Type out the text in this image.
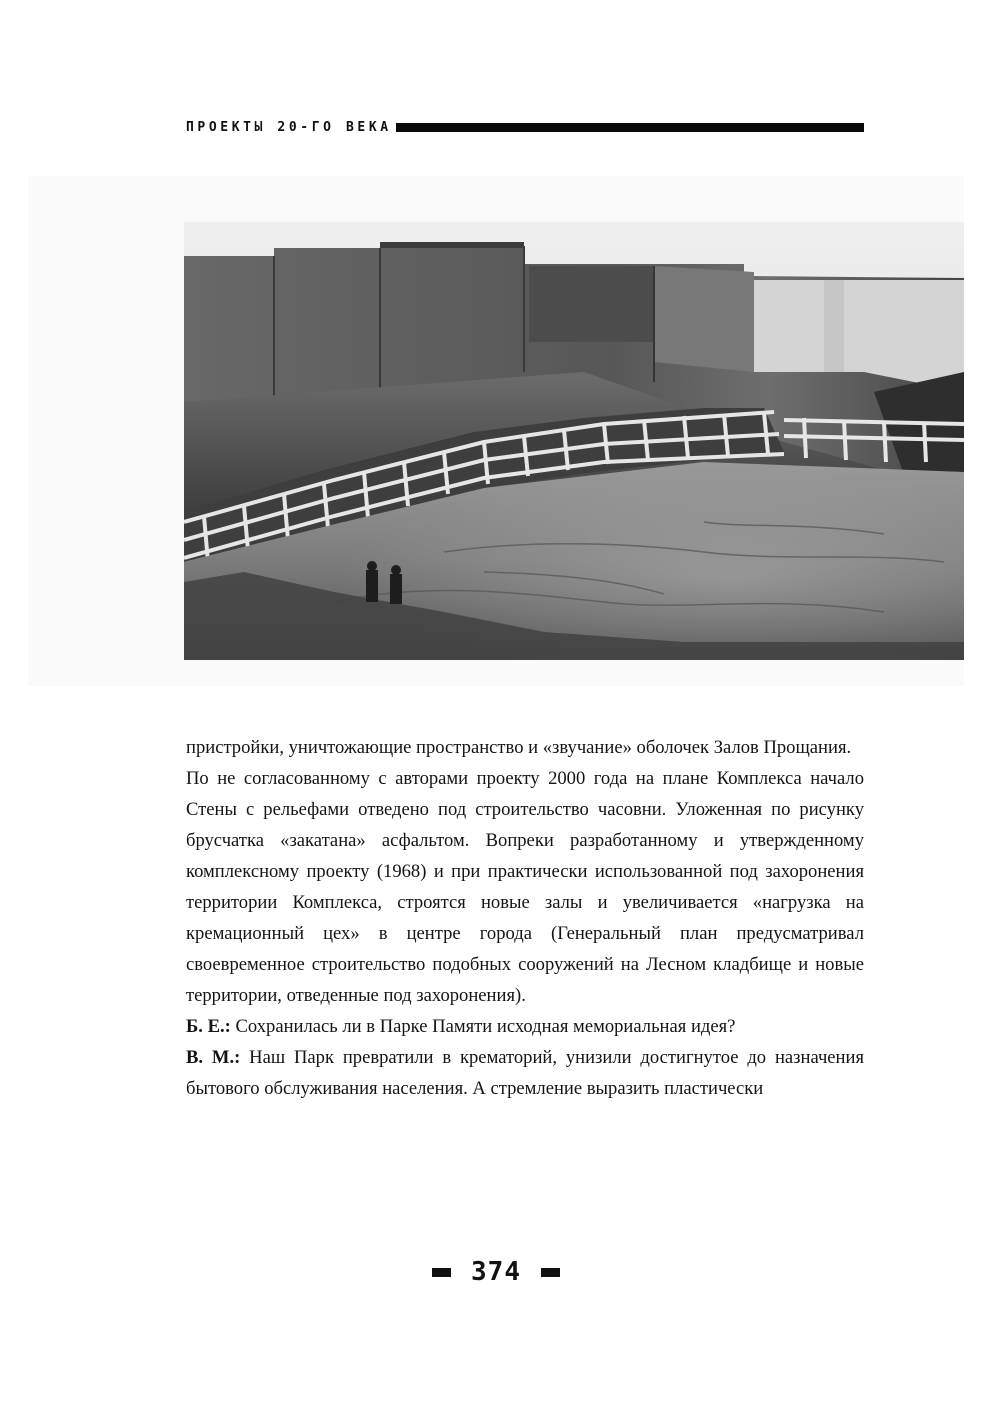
ПРОЕКТЫ 20-ГО ВЕКА

пристройки, уничтожающие пространство и «звучание» оболочек Залов Прощания.

По не согласованному с авторами проекту 2000 года на плане Комплекса начало Стены с рельефами отведено под строительство часовни. Уложенная по рисунку брусчатка «закатана» асфальтом. Вопреки разработанному и утвержденному комплексному проекту (1968) и при практически использованной под захоронения территории Комплекса, строятся новые залы и увеличивается «нагрузка на кремационный цех» в центре города (Генеральный план предусматривал своевременное строительство подобных сооружений на Лесном кладбище и новые территории, отведенные под захоронения).

Б. Е.: Сохранилась ли в Парке Памяти исходная мемориальная идея?

В. М.: Наш Парк превратили в крематорий, унизили достигнутое до назначения бытового обслуживания населения. А стремление выразить пластически

374
